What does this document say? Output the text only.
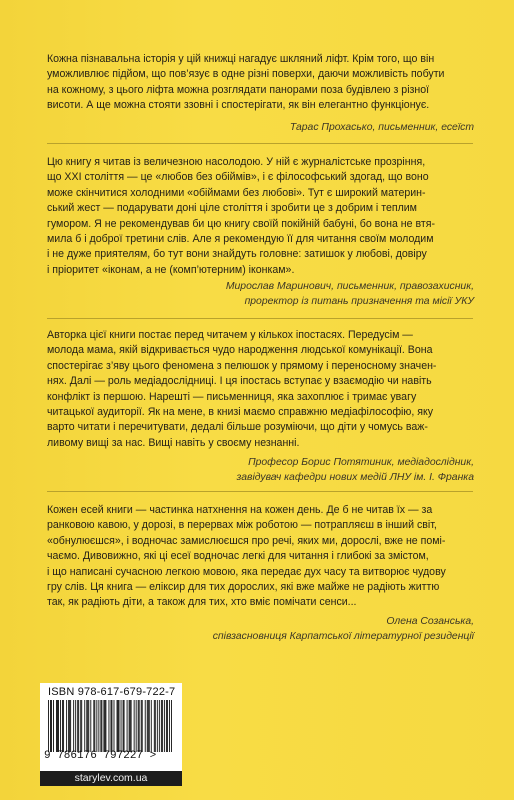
Кожна пізнавальна історія у цій книжці нагадує шкляний ліфт. Крім того, що він

уможливлює підйом, що пов’язує в одне різні поверхи, даючи можливість побути

на кожному, з цього ліфта можна розглядати панорами поза будівлею з різної

висоти. А ще можна стояти ззовні і спостерігати, як він елегантно функціонує.

Тарас Прохасько, письменник, есеїст

Цю книгу я читав із величезною насолодою. У ній є журналістське прозріння,

що XXI століття — це «любов без обіймів», і є філософський здогад, що воно

може скінчитися холодними «обіймами без любові». Тут є широкий материн-

ський жест — подарувати доні ціле століття і зробити це з добрим і теплим

гумором. Я не рекомендував би цю книгу своїй покійній бабуні, бо вона не втя-

мила б і доброї третини слів. Але я рекомендую її для читання своїм молодим

і не дуже приятелям, бо тут вони знайдуть головне: затишок у любові, довіру

і пріоритет «іконам, а не (комп’ютерним) іконкам».

Мирослав Маринович, письменник, правозахисник,
проректор із питань призначення та місії УКУ

Авторка цієї книги постає перед читачем у кількох іпостасях. Передусім —

молода мама, якій відкривається чудо народження людської комунікації. Вона

спостерігає з’яву цього феномена з пелюшок у прямому і переносному значен-

нях. Далі — роль медіадослідниці. І ця іпостась вступає у взаємодію чи навіть

конфлікт із першою. Нарешті — письменниця, яка захоплює і тримає увагу

читацької аудиторії. Як на мене, в книзі маємо справжню медіафілософію, яку

варто читати і перечитувати, дедалі більше розуміючи, що діти у чомусь важ-

ливому вищі за нас. Вищі навіть у своєму незнанні.

Професор Борис Потятиник, медіадослідник,
завідувач кафедри нових медій ЛНУ ім. І. Франка

Кожен есей книги — частинка натхнення на кожен день. Де б не читав їх — за

ранковою кавою, у дорозі, в перервах між роботою — потрапляєш в інший світ,

«обнулюєшся», і водночас замислюєшся про речі, яких ми, дорослі, вже не помі-

чаємо. Дивовижно, які ці есеї водночас легкі для читання і глибокі за змістом,

і що написані сучасною легкою мовою, яка передає дух часу та витворює чудову

гру слів. Ця книга — еліксир для тих дорослих, які вже майже не радіють життю

так, як радіють діти, а також для тих, хто вміє помічати сенси...

Олена Созанська,
співзасновниця Карпатської літературної резиденції
ISBN 978-617-679-722-7
9 786176 797227 >
starylev.com.ua
